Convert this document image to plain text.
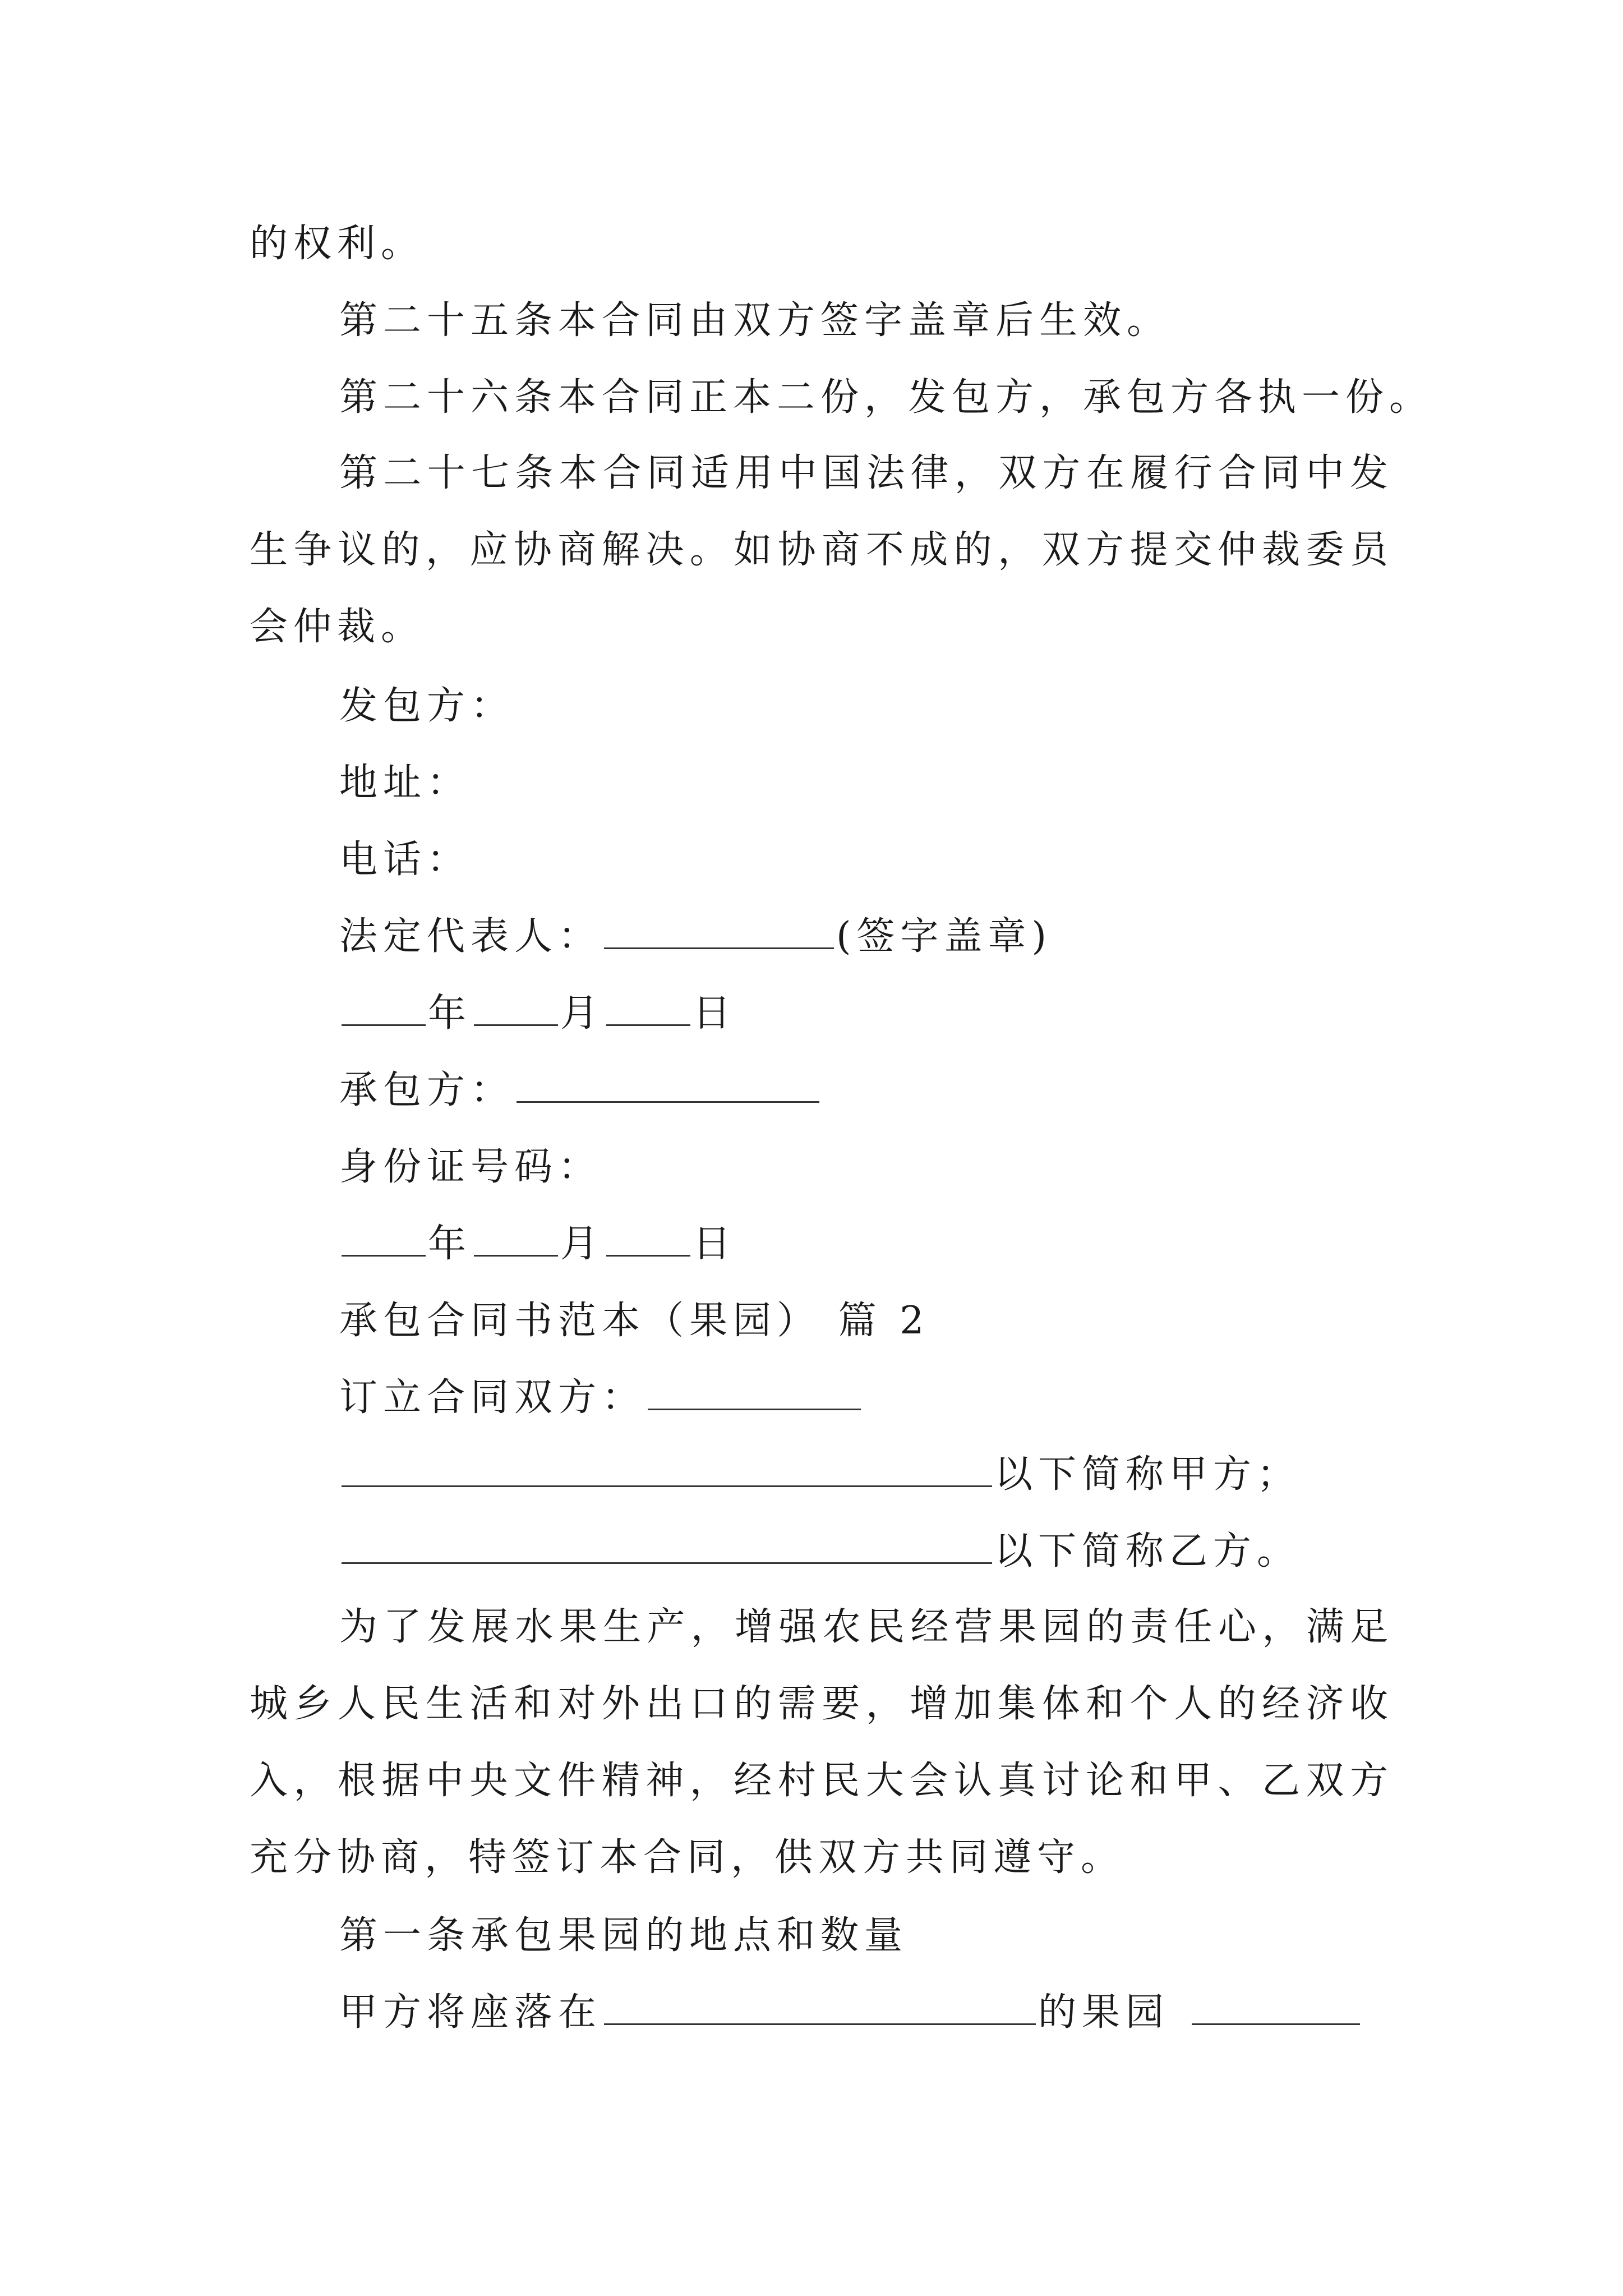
的权利。
第二十五条本合同由双方签字盖章后生效。
第二十六条本合同正本二份，发包方，承包方各执一份。
第二十七条本合同适用中国法律，双方在履行合同中发生争议的，应协商解决。如协商不成的，双方提交仲裁委员会仲裁。
发包方：
地址：
电话：
法定代表人：	(签字盖章)
年 月 日
承包方：
身份证号码：
年 月 日
承包合同书范本（果园） 篇 2
订立合同双方：
以下简称甲方；
以下简称乙方。
为了发展水果生产，增强农民经营果园的责任心，满足城乡人民生活和对外出口的需要，增加集体和个人的经济收入，根据中央文件精神，经村民大会认真讨论和甲、乙双方充分协商，特签订本合同，供双方共同遵守。
第一条承包果园的地点和数量
甲方将座落在	的果园
